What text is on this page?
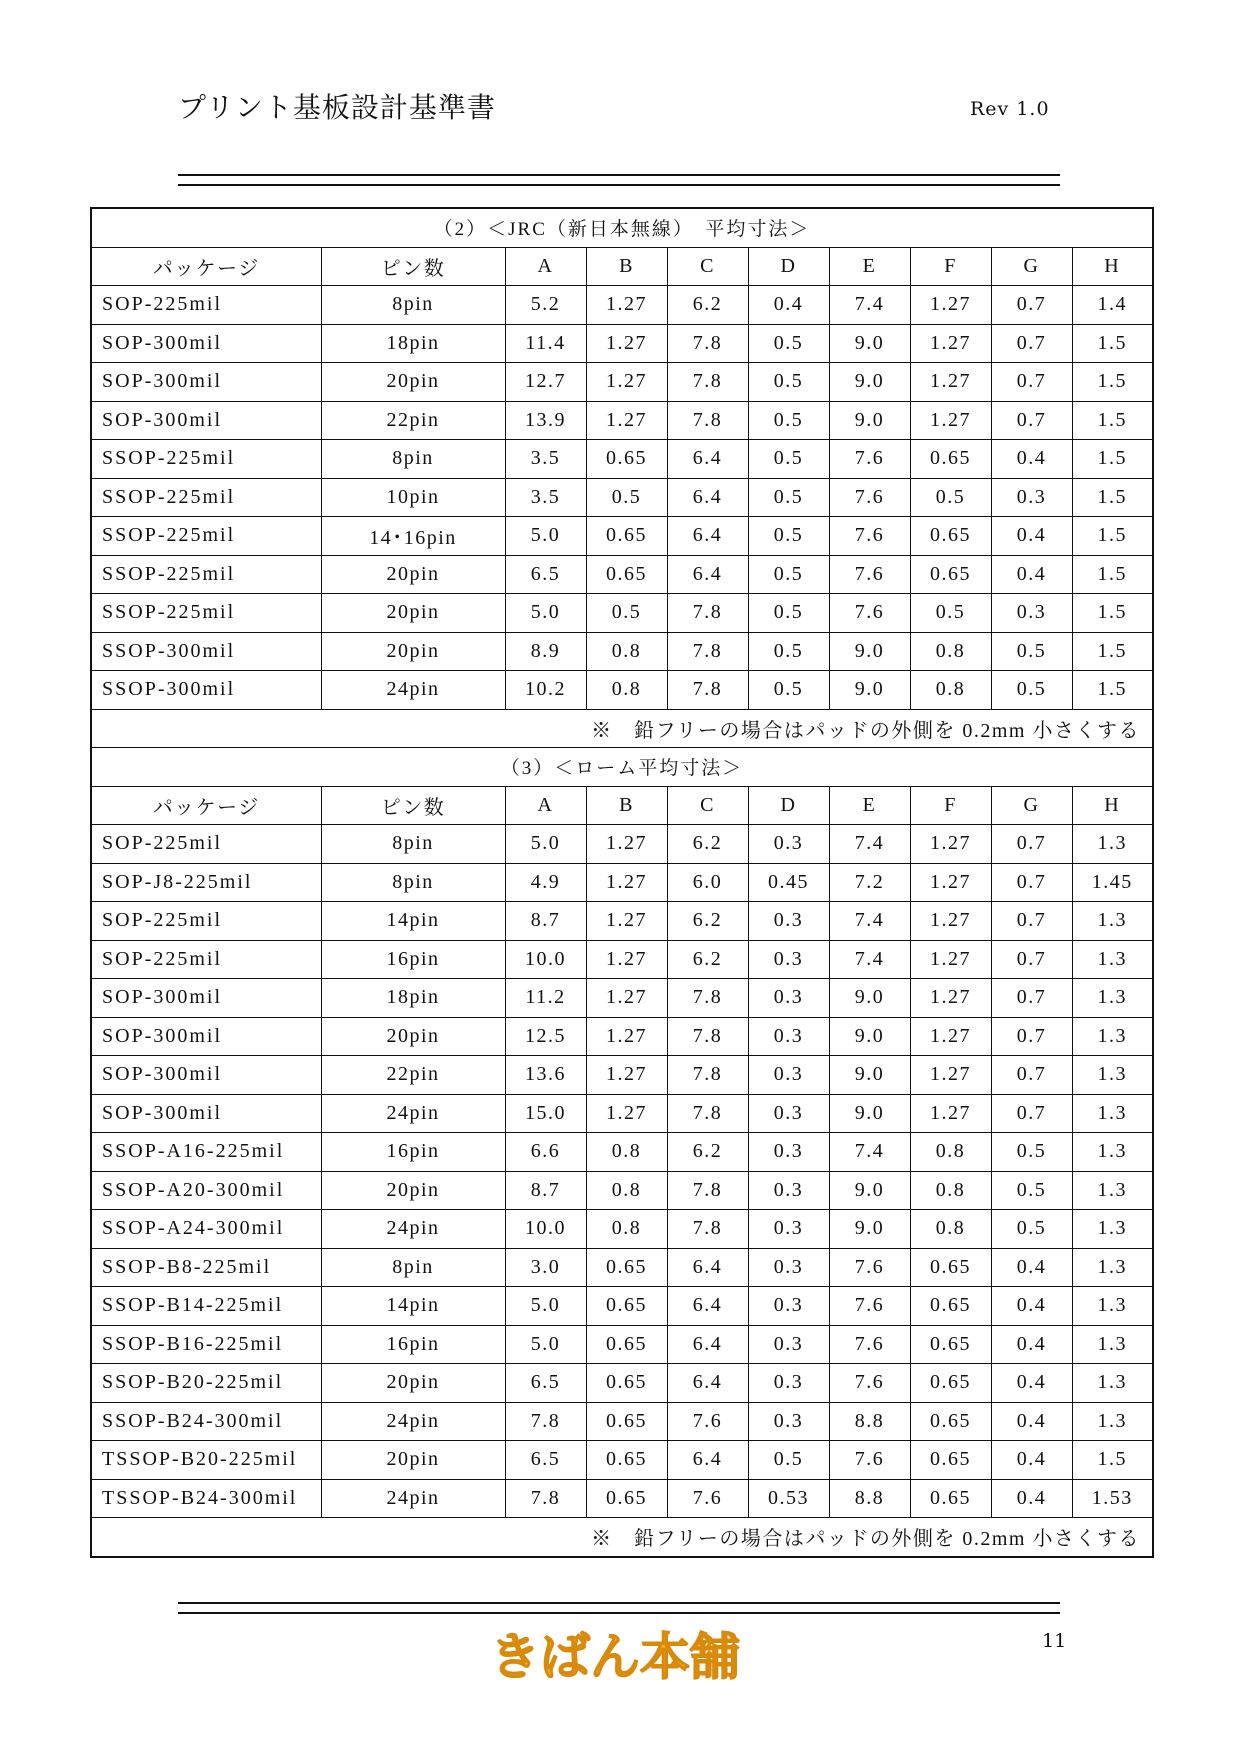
プリント基板設計基準書	Rev 1.0
（2）＜JRC（新日本無線）　平均寸法＞									
パッケージ	ピン数	A	B	C	D	E	F	G	H
SOP-225mil	8pin	5.2	1.27	6.2	0.4	7.4	1.27	0.7	1.4
SOP-300mil	18pin	11.4	1.27	7.8	0.5	9.0	1.27	0.7	1.5
SOP-300mil	20pin	12.7	1.27	7.8	0.5	9.0	1.27	0.7	1.5
SOP-300mil	22pin	13.9	1.27	7.8	0.5	9.0	1.27	0.7	1.5
SSOP-225mil	8pin	3.5	0.65	6.4	0.5	7.6	0.65	0.4	1.5
SSOP-225mil	10pin	3.5	0.5	6.4	0.5	7.6	0.5	0.3	1.5
SSOP-225mil	14･16pin	5.0	0.65	6.4	0.5	7.6	0.65	0.4	1.5
SSOP-225mil	20pin	6.5	0.65	6.4	0.5	7.6	0.65	0.4	1.5
SSOP-225mil	20pin	5.0	0.5	7.8	0.5	7.6	0.5	0.3	1.5
SSOP-300mil	20pin	8.9	0.8	7.8	0.5	9.0	0.8	0.5	1.5
SSOP-300mil	24pin	10.2	0.8	7.8	0.5	9.0	0.8	0.5	1.5
※　鉛フリーの場合はパッドの外側を 0.2mm 小さくする									
（3）＜ローム平均寸法＞									
パッケージ	ピン数	A	B	C	D	E	F	G	H
SOP-225mil	8pin	5.0	1.27	6.2	0.3	7.4	1.27	0.7	1.3
SOP-J8-225mil	8pin	4.9	1.27	6.0	0.45	7.2	1.27	0.7	1.45
SOP-225mil	14pin	8.7	1.27	6.2	0.3	7.4	1.27	0.7	1.3
SOP-225mil	16pin	10.0	1.27	6.2	0.3	7.4	1.27	0.7	1.3
SOP-300mil	18pin	11.2	1.27	7.8	0.3	9.0	1.27	0.7	1.3
SOP-300mil	20pin	12.5	1.27	7.8	0.3	9.0	1.27	0.7	1.3
SOP-300mil	22pin	13.6	1.27	7.8	0.3	9.0	1.27	0.7	1.3
SOP-300mil	24pin	15.0	1.27	7.8	0.3	9.0	1.27	0.7	1.3
SSOP-A16-225mil	16pin	6.6	0.8	6.2	0.3	7.4	0.8	0.5	1.3
SSOP-A20-300mil	20pin	8.7	0.8	7.8	0.3	9.0	0.8	0.5	1.3
SSOP-A24-300mil	24pin	10.0	0.8	7.8	0.3	9.0	0.8	0.5	1.3
SSOP-B8-225mil	8pin	3.0	0.65	6.4	0.3	7.6	0.65	0.4	1.3
SSOP-B14-225mil	14pin	5.0	0.65	6.4	0.3	7.6	0.65	0.4	1.3
SSOP-B16-225mil	16pin	5.0	0.65	6.4	0.3	7.6	0.65	0.4	1.3
SSOP-B20-225mil	20pin	6.5	0.65	6.4	0.3	7.6	0.65	0.4	1.3
SSOP-B24-300mil	24pin	7.8	0.65	7.6	0.3	8.8	0.65	0.4	1.3
TSSOP-B20-225mil	20pin	6.5	0.65	6.4	0.5	7.6	0.65	0.4	1.5
TSSOP-B24-300mil	24pin	7.8	0.65	7.6	0.53	8.8	0.65	0.4	1.53
※　鉛フリーの場合はパッドの外側を 0.2mm 小さくする									
きばん本舗	11
